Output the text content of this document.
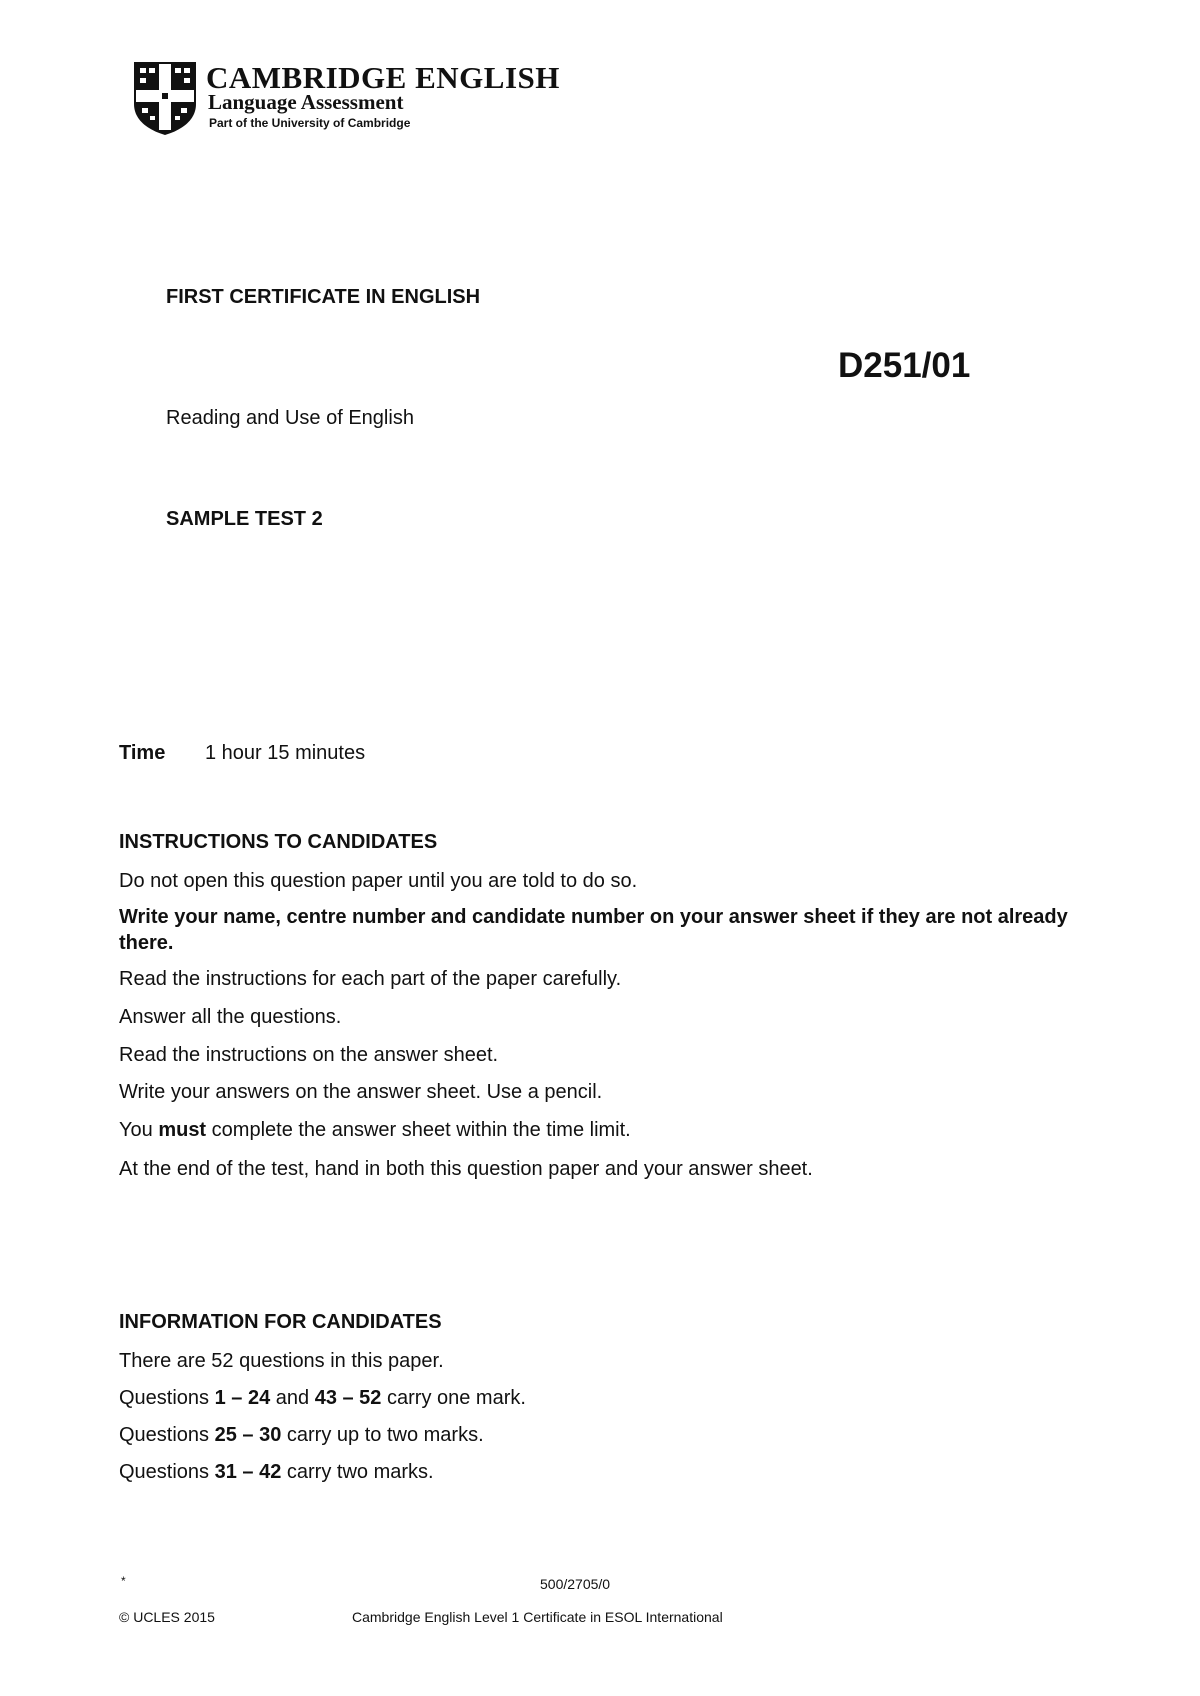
CAMBRIDGE ENGLISH
Language Assessment
Part of the University of Cambridge
FIRST CERTIFICATE IN ENGLISH
D251/01
Reading and Use of English
SAMPLE TEST 2
Time 1 hour 15 minutes
INSTRUCTIONS TO CANDIDATES
Do not open this question paper until you are told to do so.
Write your name, centre number and candidate number on your answer sheet if they are not already there.
Read the instructions for each part of the paper carefully.
Answer all the questions.
Read the instructions on the answer sheet.
Write your answers on the answer sheet. Use a pencil.
You must complete the answer sheet within the time limit.
At the end of the test, hand in both this question paper and your answer sheet.
INFORMATION FOR CANDIDATES
There are 52 questions in this paper.
Questions 1 – 24 and 43 – 52 carry one mark.
Questions 25 – 30 carry up to two marks.
Questions 31 – 42 carry two marks.
*	500/2705/0
© UCLES 2015	Cambridge English Level 1 Certificate in ESOL International
